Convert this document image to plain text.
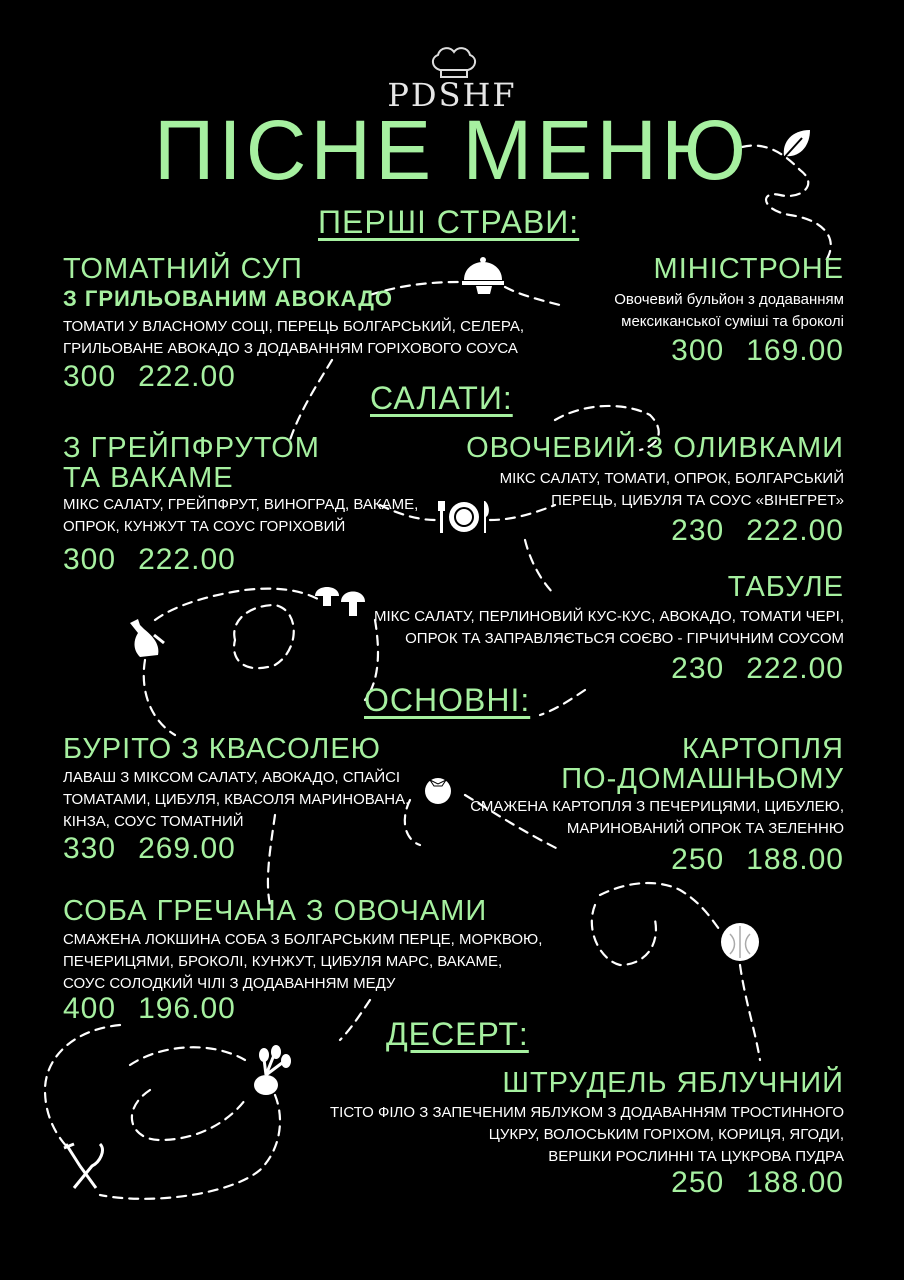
PDSHF
ПІСНЕ МЕНЮ
ПЕРШІ СТРАВИ:
ТОМАТНИЙ СУП
З ГРИЛЬОВАНИМ АВОКАДО
ТОМАТИ У ВЛАСНОМУ СОЦІ, ПЕРЕЦЬ БОЛГАРСЬКИЙ, СЕЛЕРА,
ГРИЛЬОВАНЕ АВОКАДО З ДОДАВАННЯМ ГОРІХОВОГО СОУСА
300 222.00
МІНІСТРОНЕ
Овочевий бульйон з додаванням
мексиканської суміші та броколі
300 169.00
САЛАТИ:
З ГРЕЙПФРУТОМ
ТА ВАКАМЕ
МІКС САЛАТУ, ГРЕЙПФРУТ, ВИНОГРАД, ВАКАМЕ,
ОПРОК, КУНЖУТ ТА СОУС ГОРІХОВИЙ
300 222.00
ОВОЧЕВИЙ З ОЛИВКАМИ
МІКС САЛАТУ, ТОМАТИ, ОПРОК, БОЛГАРСЬКИЙ
ПЕРЕЦЬ, ЦИБУЛЯ ТА СОУС «ВІНЕГРЕТ»
230 222.00
ТАБУЛЕ
МІКС САЛАТУ, ПЕРЛИНОВИЙ КУС-КУС, АВОКАДО, ТОМАТИ ЧЕРІ,
ОПРОК ТА ЗАПРАВЛЯЄТЬСЯ СОЄВО - ГІРЧИЧНИМ СОУСОМ
230 222.00
ОСНОВНІ:
БУРІТО З КВАСОЛЕЮ
ЛАВАШ З МІКСОМ САЛАТУ, АВОКАДО, СПАЙСІ
ТОМАТАМИ, ЦИБУЛЯ, КВАСОЛЯ МАРИНОВАНА,
КІНЗА, СОУС ТОМАТНИЙ
330 269.00
КАРТОПЛЯ
ПО-ДОМАШНЬОМУ
СМАЖЕНА КАРТОПЛЯ З ПЕЧЕРИЦЯМИ, ЦИБУЛЕЮ,
МАРИНОВАНИЙ ОПРОК ТА ЗЕЛЕННЮ
250 188.00
СОБА ГРЕЧАНА З ОВОЧАМИ
СМАЖЕНА ЛОКШИНА СОБА З БОЛГАРСЬКИМ ПЕРЦЕ, МОРКВОЮ,
ПЕЧЕРИЦЯМИ, БРОКОЛІ, КУНЖУТ, ЦИБУЛЯ МАРС, ВАКАМЕ,
СОУС СОЛОДКИЙ ЧІЛІ З ДОДАВАННЯМ МЕДУ
400 196.00
ДЕСЕРТ:
ШТРУДЕЛЬ ЯБЛУЧНИЙ
ТІСТО ФІЛО З ЗАПЕЧЕНИМ ЯБЛУКОМ З ДОДАВАННЯМ ТРОСТИННОГО
ЦУКРУ, ВОЛОСЬКИМ ГОРІХОМ, КОРИЦЯ, ЯГОДИ,
ВЕРШКИ РОСЛИННІ ТА ЦУКРОВА ПУДРА
250 188.00
